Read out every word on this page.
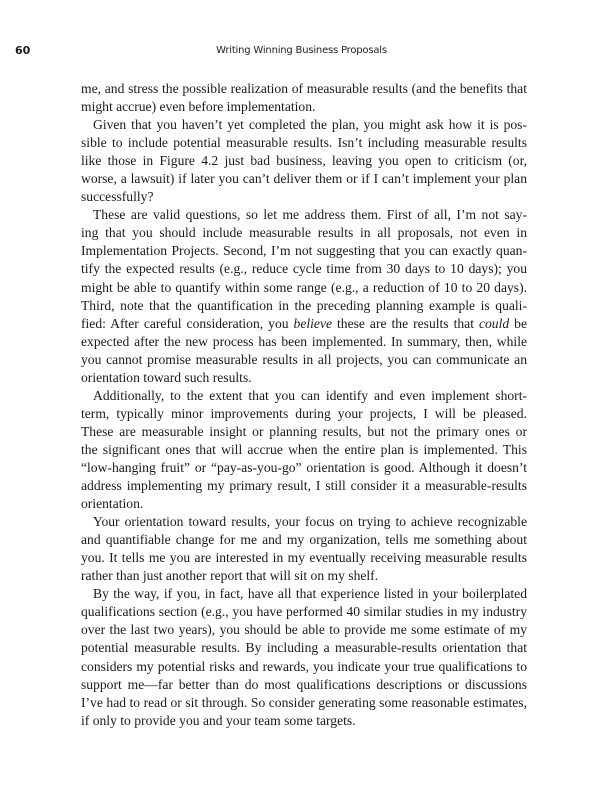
60	Writing Winning Business Proposals
me, and stress the possible realization of measurable results (and the benefits that
might accrue) even before implementation.
Given that you haven’t yet completed the plan, you might ask how it is pos-
sible to include potential measurable results. Isn’t including measurable results
like those in Figure 4.2 just bad business, leaving you open to criticism (or,
worse, a lawsuit) if later you can’t deliver them or if I can’t implement your plan
successfully?
These are valid questions, so let me address them. First of all, I’m not say-
ing that you should include measurable results in all proposals, not even in
Implementation Projects. Second, I’m not suggesting that you can exactly quan-
tify the expected results (e.g., reduce cycle time from 30 days to 10 days); you
might be able to quantify within some range (e.g., a reduction of 10 to 20 days).
Third, note that the quantification in the preceding planning example is quali-
fied: After careful consideration, you believe these are the results that could be
expected after the new process has been implemented. In summary, then, while
you cannot promise measurable results in all projects, you can communicate an
orientation toward such results.
Additionally, to the extent that you can identify and even implement short-
term, typically minor improvements during your projects, I will be pleased.
These are measurable insight or planning results, but not the primary ones or
the significant ones that will accrue when the entire plan is implemented. This
“low-hanging fruit” or “pay-as-you-go” orientation is good. Although it doesn’t
address implementing my primary result, I still consider it a measurable-results
orientation.
Your orientation toward results, your focus on trying to achieve recognizable
and quantifiable change for me and my organization, tells me something about
you. It tells me you are interested in my eventually receiving measurable results
rather than just another report that will sit on my shelf.
By the way, if you, in fact, have all that experience listed in your boilerplated
qualifications section (e.g., you have performed 40 similar studies in my industry
over the last two years), you should be able to provide me some estimate of my
potential measurable results. By including a measurable-results orientation that
considers my potential risks and rewards, you indicate your true qualifications to
support me—far better than do most qualifications descriptions or discussions
I’ve had to read or sit through. So consider generating some reasonable estimates,
if only to provide you and your team some targets.
